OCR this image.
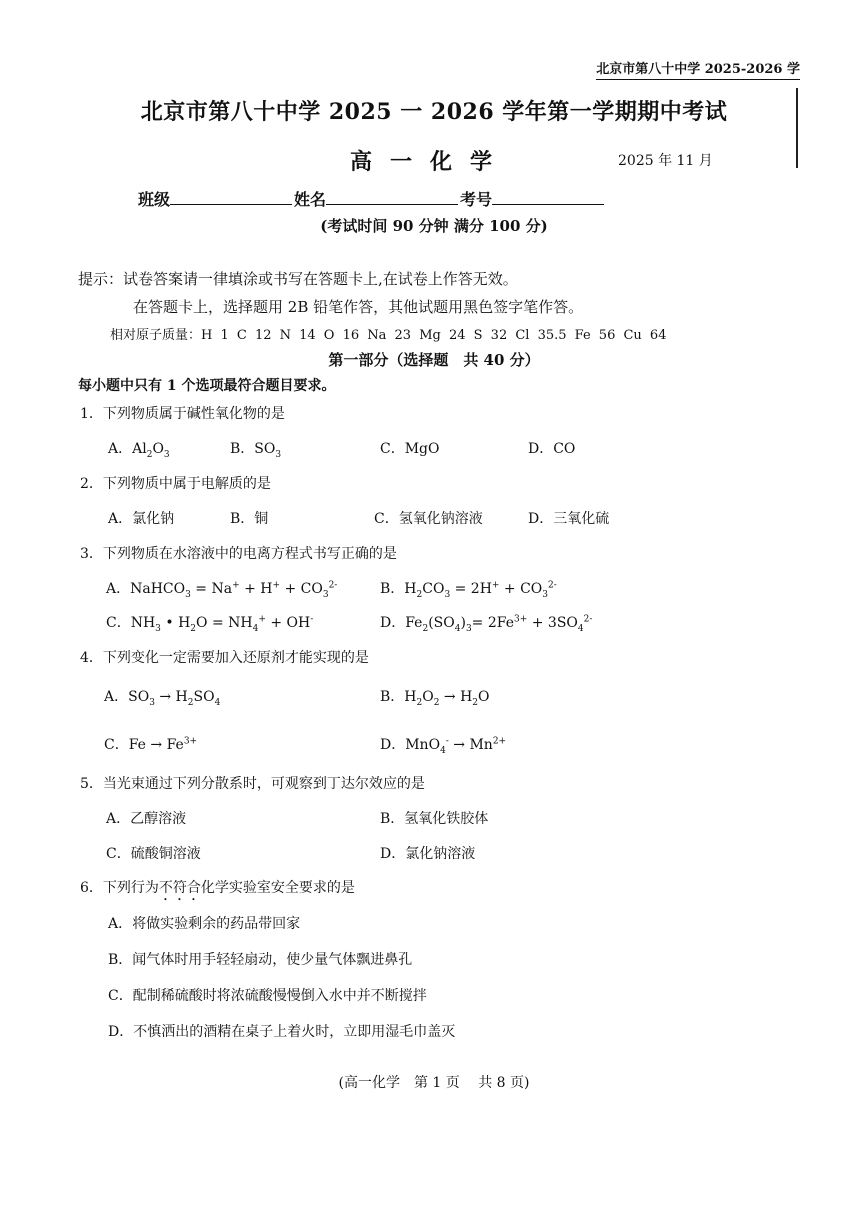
北京市第八十中学 2025-2026 学
北京市第八十中学 2025 一 2026 学年第一学期期中考试
高一化学	2025 年 11 月
班级	姓名	考号
(考试时间 90 分钟 满分 100 分)
提示：试卷答案请一律填涂或书写在答题卡上,在试卷上作答无效。
在答题卡上，选择题用 2B 铅笔作答，其他试题用黑色签字笔作答。
相对原子质量：H 1 C 12 N 14 O 16 Na 23 Mg 24 S 32 Cl 35.5 Fe 56 Cu 64
第一部分（选择题　共 40 分）
每小题中只有 1 个选项最符合题目要求。
1．下列物质属于碱性氧化物的是
A．$Al_2O_3$	B．$SO_3$	C．MgO	D．CO
2．下列物质中属于电解质的是
A．氯化钠	B．铜	C．氢氧化钠溶液	D．三氧化硫
3．下列物质在水溶液中的电离方程式书写正确的是
A．NaHCO$_3$ = $Na^+ + H^+ + CO_3^{2-}$	B．$H_2CO_3 = 2H^+ + CO_3^{2-}$
C．$NH_3$ • $H_2O = NH_4^+ + OH^-$	D．$Fe_2(SO_4)_3= 2Fe^{3+} + 3SO_4^{2-}$
4．下列变化一定需要加入还原剂才能实现的是
A．$SO_3 \to H_2SO_4$	B．$H_2O_2 \to H_2O$
C．$Fe \to Fe^{3+}$	D．$MnO_4^- \to Mn^{2+}$
5．当光束通过下列分散系时，可观察到丁达尔效应的是
A．乙醇溶液	B．氢氧化铁胶体
C．硫酸铜溶液	D．氯化钠溶液
6．下列行为不符合化学实验室安全要求的是
A．将做实验剩余的药品带回家
B．闻气体时用手轻轻扇动，使少量气体飘进鼻孔
C．配制稀硫酸时将浓硫酸慢慢倒入水中并不断搅拌
D．不慎洒出的酒精在桌子上着火时，立即用湿毛巾盖灭
(高一化学　第 1 页　 共 8 页)
